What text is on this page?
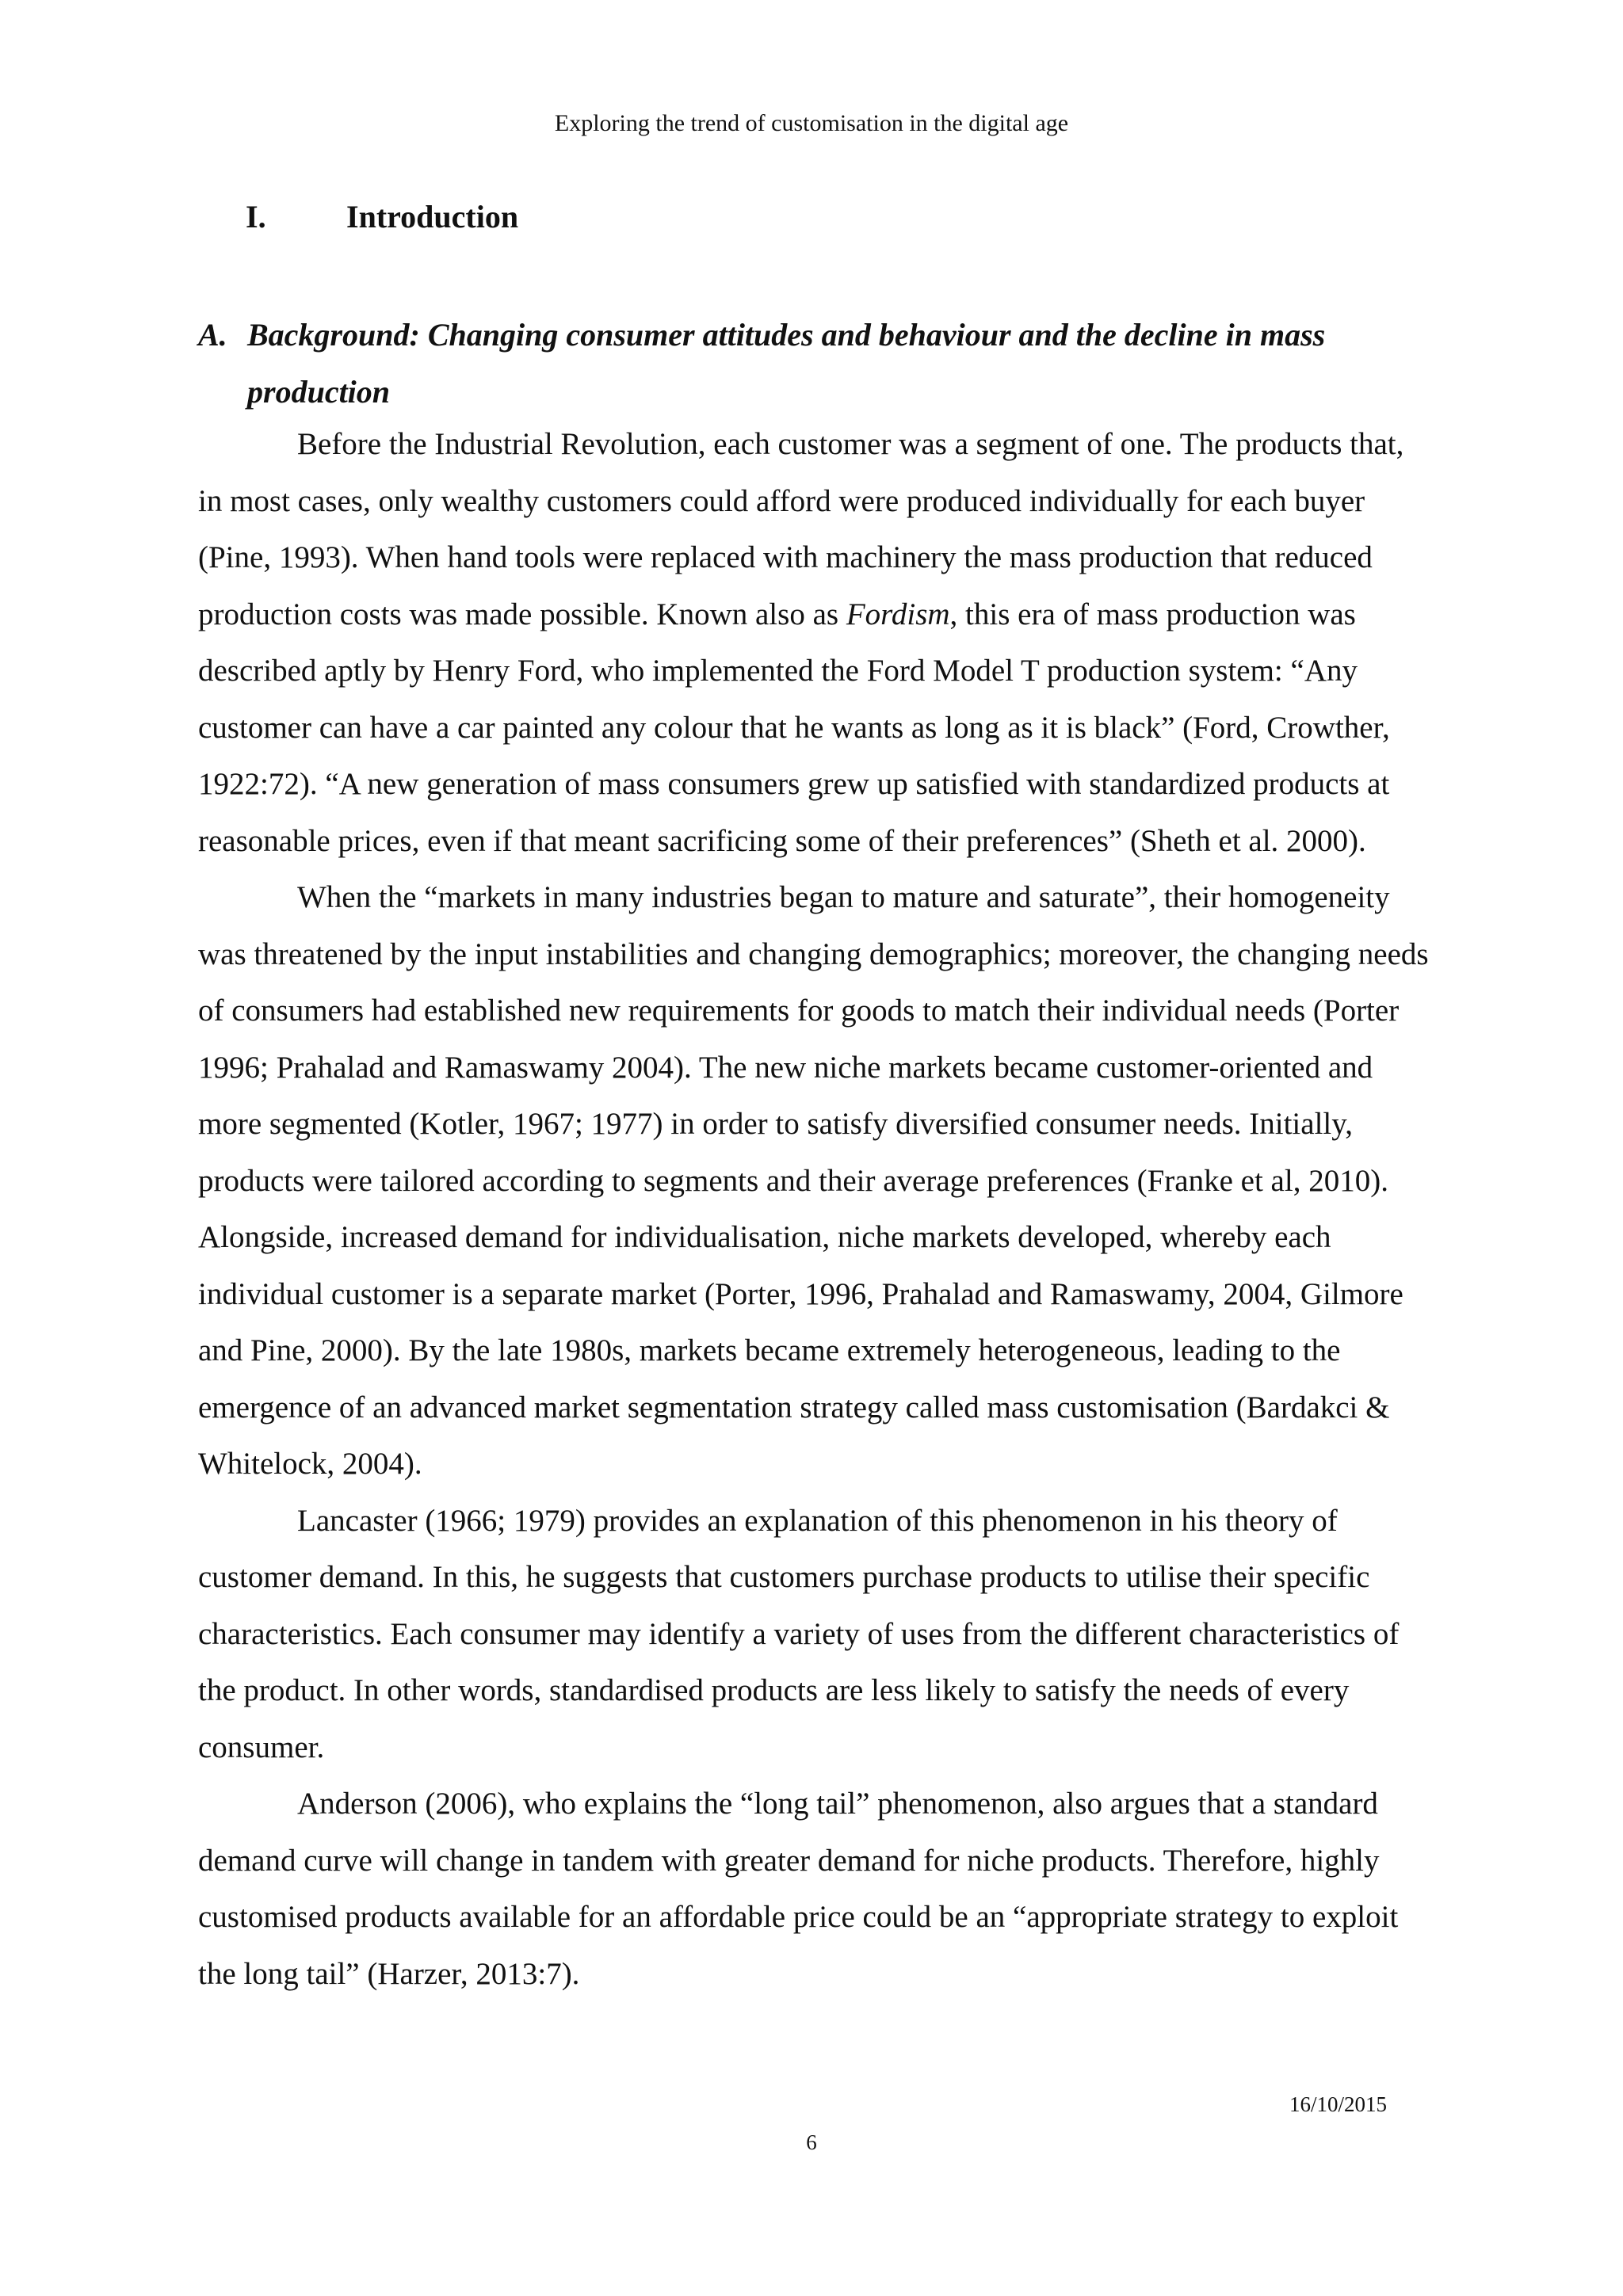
Exploring the trend of customisation in the digital age
I.	Introduction
A. Background: Changing consumer attitudes and behaviour and the decline in mass production

Before the Industrial Revolution, each customer was a segment of one. The products that, in most cases, only wealthy customers could afford were produced individually for each buyer (Pine, 1993). When hand tools were replaced with machinery the mass production that reduced production costs was made possible. Known also as Fordism, this era of mass production was described aptly by Henry Ford, who implemented the Ford Model T production system: “Any customer can have a car painted any colour that he wants as long as it is black” (Ford, Crowther, 1922:72). “A new generation of mass consumers grew up satisfied with standardized products at reasonable prices, even if that meant sacrificing some of their preferences” (Sheth et al. 2000).

When the “markets in many industries began to mature and saturate”, their homogeneity was threatened by the input instabilities and changing demographics; moreover, the changing needs of consumers had established new requirements for goods to match their individual needs (Porter 1996; Prahalad and Ramaswamy 2004). The new niche markets became customer-oriented and more segmented (Kotler, 1967; 1977) in order to satisfy diversified consumer needs. Initially, products were tailored according to segments and their average preferences (Franke et al, 2010). Alongside, increased demand for individualisation, niche markets developed, whereby each individual customer is a separate market (Porter, 1996, Prahalad and Ramaswamy, 2004, Gilmore and Pine, 2000). By the late 1980s, markets became extremely heterogeneous, leading to the emergence of an advanced market segmentation strategy called mass customisation (Bardakci & Whitelock, 2004).

Lancaster (1966; 1979) provides an explanation of this phenomenon in his theory of customer demand. In this, he suggests that customers purchase products to utilise their specific characteristics. Each consumer may identify a variety of uses from the different characteristics of the product. In other words, standardised products are less likely to satisfy the needs of every consumer.

Anderson (2006), who explains the “long tail” phenomenon, also argues that a standard demand curve will change in tandem with greater demand for niche products. Therefore, highly customised products available for an affordable price could be an “appropriate strategy to exploit the long tail” (Harzer, 2013:7).

16/10/2015
6
